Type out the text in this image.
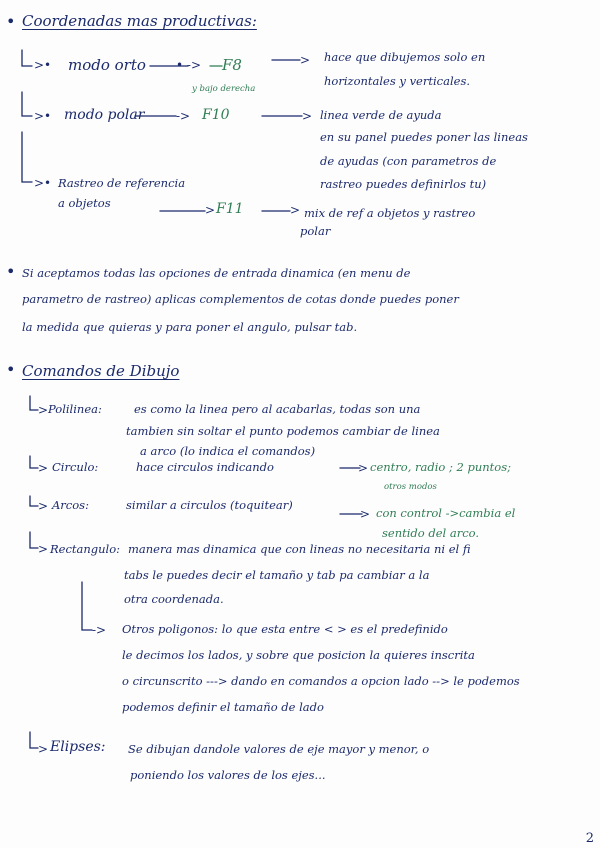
• Coordenadas mas productivas:
>• modo orto	• -> F8
y bajo derecha
> hace que dibujemos solo en
horizontales y verticales.
>• modo polar	-> F10	> linea verde de ayuda
en su panel puedes poner las lineas
de ayudas (con parametros de
rastreo puedes definirlos tu)
>• Rastreo de referencia
a objetos	> F11	> mix de ref a objetos y rastreo
polar
• Si aceptamos todas las opciones de entrada dinamica (en menu de
parametro de rastreo) aplicas complementos de cotas donde puedes poner
la medida que quieras y para poner el angulo, pulsar tab.
• Comandos de Dibujo
> Polilinea:	es como la linea pero al acabarlas, todas son una
tambien sin soltar el punto podemos cambiar de linea
a arco (lo indica el comandos)
> Circulo:	hace circulos indicando	> centro, radio ; 2 puntos;
otros modos
> Arcos:	similar a circulos (toquitear)
> con control ->cambia el
sentido del arco.
> Rectangulo: manera mas dinamica que con lineas no necesitaria ni el fi
tabs le puedes decir el tamaño y tab pa cambiar a la
otra coordenada.
-> Otros poligonos: lo que esta entre < > es el predefinido
le decimos los lados, y sobre que posicion la quieres inscrita
o circunscrito ---> dando en comandos a opcion lado --> le podemos
podemos definir el tamaño de lado
> Elipses: Se dibujan dandole valores de eje mayor y menor, o
poniendo los valores de los ejes...
2
